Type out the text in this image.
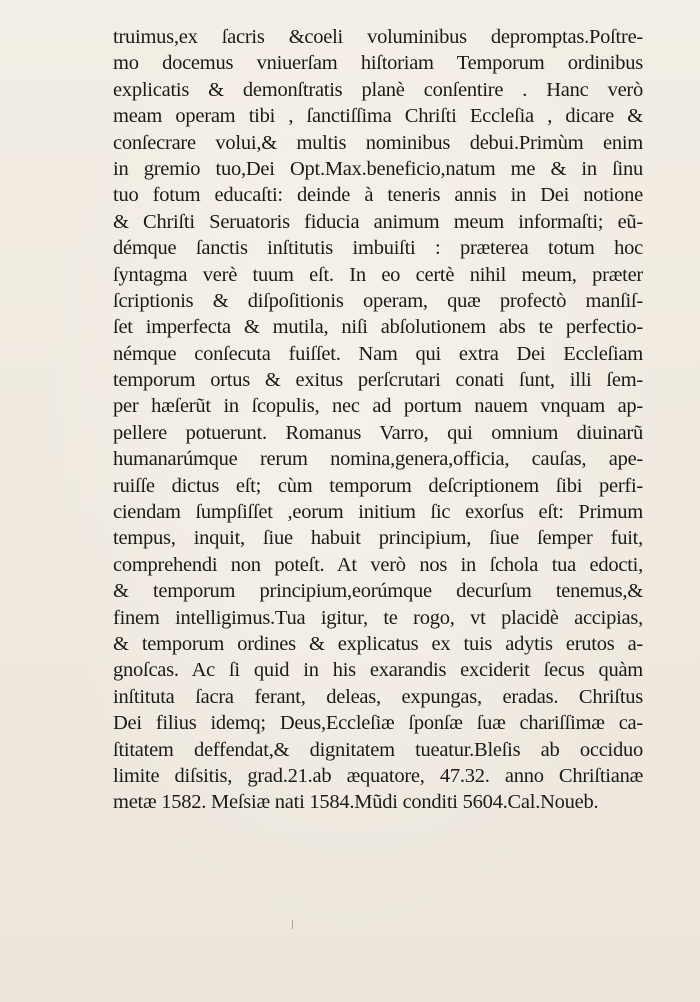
truimus,ex ſacris &coeli voluminibus depromptas.Poſtre-
mo docemus vniuerſam hiſtoriam Temporum ordinibus
explicatis & demonſtratis planè conſentire . Hanc verò
meam operam tibi , ſanctiſſima Chriſti Eccleſia , dicare &
conſecrare volui,& multis nominibus debui.Primùm enim
in gremio tuo,Dei Opt.Max.beneficio,natum me & in ſinu
tuo fotum educaſti: deinde à teneris annis in Dei notione
& Chriſti Seruatoris fiducia animum meum informaſti; eũ-
démque ſanctis inſtitutis imbuiſti : præterea totum hoc
ſyntagma verè tuum eſt. In eo certè nihil meum, præter
ſcriptionis & diſpoſitionis operam, quæ profectò manſiſ-
ſet imperfecta & mutila, niſi abſolutionem abs te perfectio-
némque conſecuta fuiſſet. Nam qui extra Dei Eccleſiam
temporum ortus & exitus perſcrutari conati ſunt, illi ſem-
per hæſerũt in ſcopulis, nec ad portum nauem vnquam ap-
pellere potuerunt. Romanus Varro, qui omnium diuinarũ
humanarúmque rerum nomina,genera,officia, cauſas, ape-
ruiſſe dictus eſt; cùm temporum deſcriptionem ſibi perfi-
ciendam ſumpſiſſet ,eorum initium ſic exorſus eſt: Primum
tempus, inquit, ſiue habuit principium, ſiue ſemper fuit,
comprehendi non poteſt. At verò nos in ſchola tua edocti,
& temporum principium,eorúmque decurſum tenemus,&
finem intelligimus.Tua igitur, te rogo, vt placidè accipias,
& temporum ordines & explicatus ex tuis adytis erutos a-
gnoſcas. Ac ſi quid in his exarandis exciderit ſecus quàm
inſtituta ſacra ferant, deleas, expungas, eradas. Chriſtus
Dei filius idemq; Deus,Eccleſiæ ſponſæ ſuæ chariſſimæ ca-
ſtitatem deffendat,& dignitatem tueatur.Bleſis ab occiduo
limite diſsitis, grad.21.ab æquatore, 47.32. anno Chriſtianæ
metæ 1582. Meſsiæ nati 1584.Mũdi conditi 5604.Cal.Noueb.
